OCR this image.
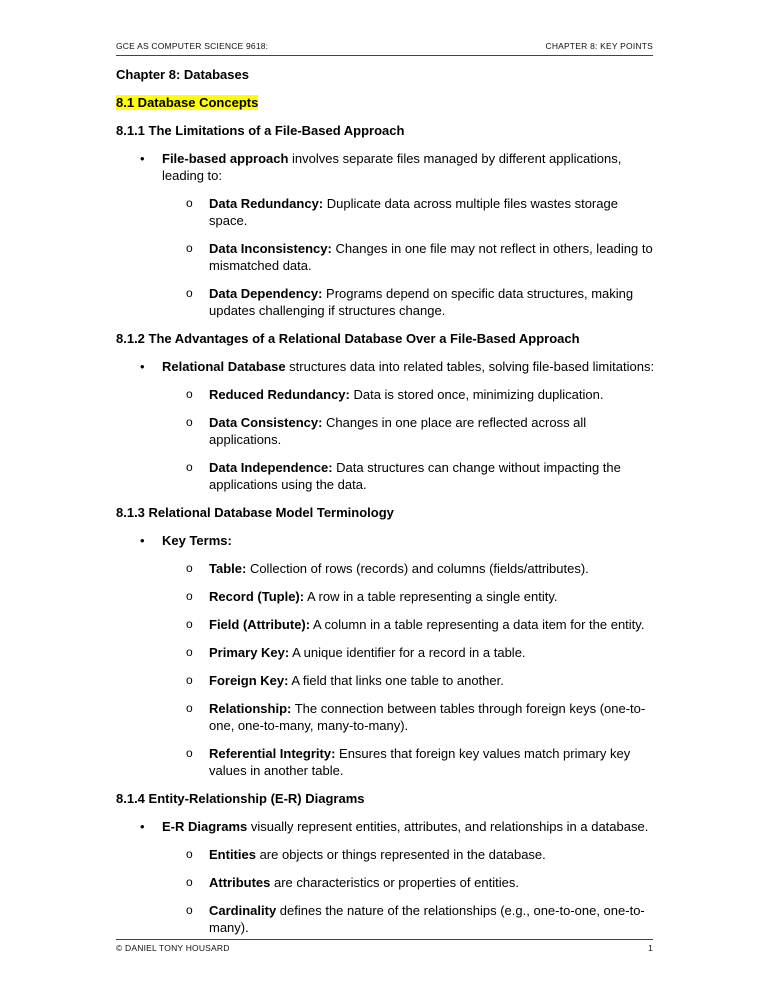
GCE AS COMPUTER SCIENCE 9618:	CHAPTER 8: KEY POINTS
Chapter 8: Databases
8.1 Database Concepts
8.1.1 The Limitations of a File-Based Approach
• File-based approach involves separate files managed by different applications, leading to:
o Data Redundancy: Duplicate data across multiple files wastes storage space.
o Data Inconsistency: Changes in one file may not reflect in others, leading to mismatched data.
o Data Dependency: Programs depend on specific data structures, making updates challenging if structures change.
8.1.2 The Advantages of a Relational Database Over a File-Based Approach
• Relational Database structures data into related tables, solving file-based limitations:
o Reduced Redundancy: Data is stored once, minimizing duplication.
o Data Consistency: Changes in one place are reflected across all applications.
o Data Independence: Data structures can change without impacting the applications using the data.
8.1.3 Relational Database Model Terminology
• Key Terms:
o Table: Collection of rows (records) and columns (fields/attributes).
o Record (Tuple): A row in a table representing a single entity.
o Field (Attribute): A column in a table representing a data item for the entity.
o Primary Key: A unique identifier for a record in a table.
o Foreign Key: A field that links one table to another.
o Relationship: The connection between tables through foreign keys (one-to-one, one-to-many, many-to-many).
o Referential Integrity: Ensures that foreign key values match primary key values in another table.
8.1.4 Entity-Relationship (E-R) Diagrams
• E-R Diagrams visually represent entities, attributes, and relationships in a database.
o Entities are objects or things represented in the database.
o Attributes are characteristics or properties of entities.
o Cardinality defines the nature of the relationships (e.g., one-to-one, one-to-many).
© DANIEL TONY HOUSARD	1
